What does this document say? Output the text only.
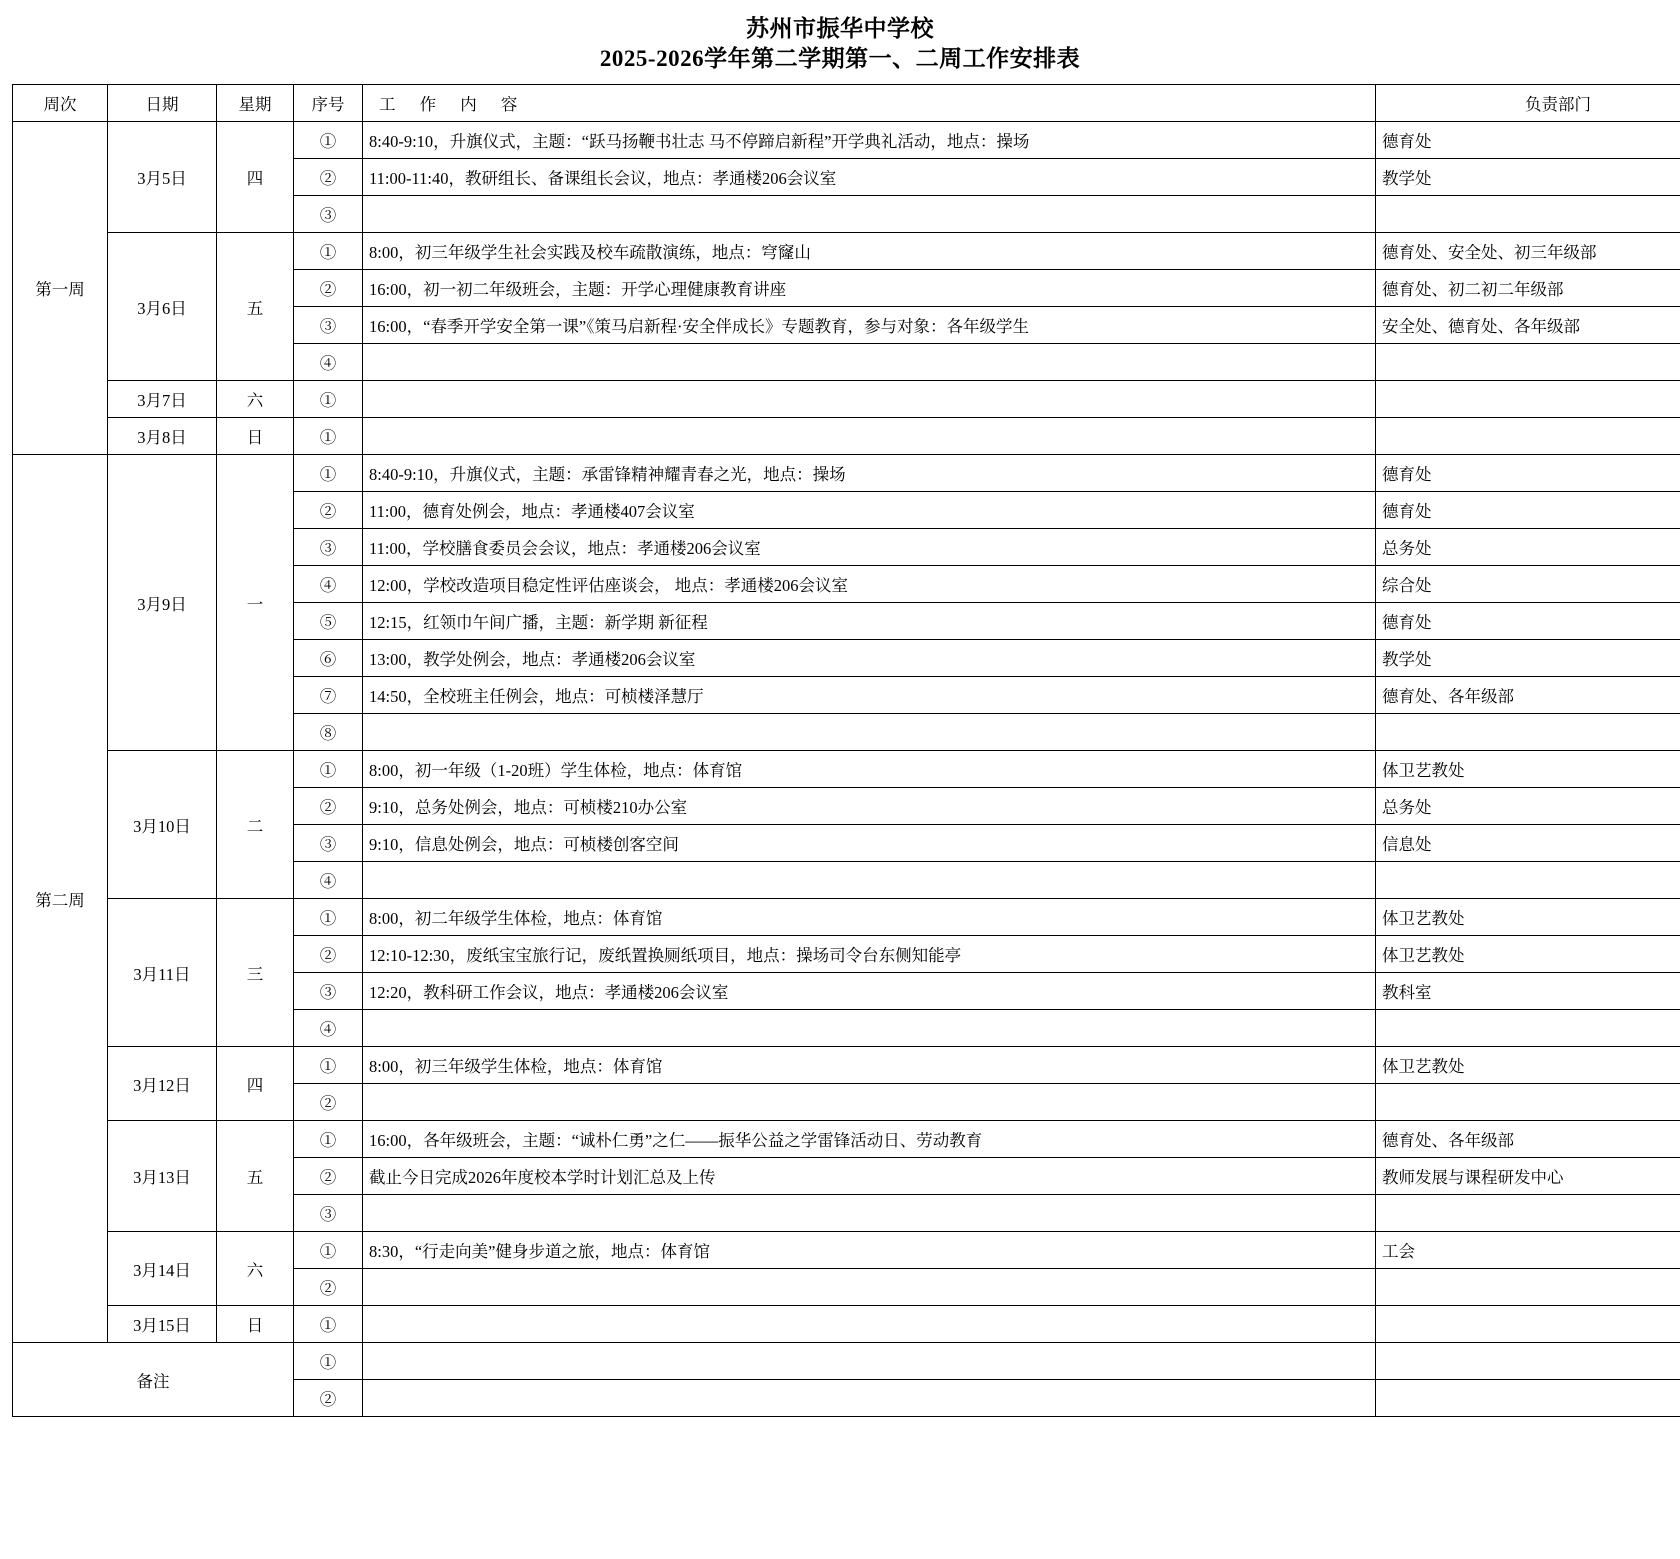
苏州市振华中学校
2025-2026学年第二学期第一、二周工作安排表
周次	日期	星期	序号	工 作 内 容	负责部门
第一周	3月5日	四	①	8:40-9:10，升旗仪式，主题：“跃马扬鞭书壮志 马不停蹄启新程”开学典礼活动，地点：操场	德育处
			②	11:00-11:40，教研组长、备课组长会议，地点：孝通楼206会议室	教学处
			③		
	3月6日	五	①	8:00，初三年级学生社会实践及校车疏散演练，地点：穹窿山	德育处、安全处、初三年级部
			②	16:00，初一初二年级班会，主题：开学心理健康教育讲座	德育处、初二初二年级部
			③	16:00，“春季开学安全第一课”《策马启新程·安全伴成长》专题教育，参与对象：各年级学生	安全处、德育处、各年级部
			④		
	3月7日	六	①		
	3月8日	日	①		
第二周	3月9日	一	①	8:40-9:10，升旗仪式，主题：承雷锋精神耀青春之光，地点：操场	德育处
			②	11:00，德育处例会，地点：孝通楼407会议室	德育处
			③	11:00，学校膳食委员会会议，地点：孝通楼206会议室	总务处
			④	12:00，学校改造项目稳定性评估座谈会， 地点：孝通楼206会议室	综合处
			⑤	12:15，红领巾午间广播，主题：新学期 新征程	德育处
			⑥	13:00，教学处例会，地点：孝通楼206会议室	教学处
			⑦	14:50，全校班主任例会，地点：可桢楼泽慧厅	德育处、各年级部
			⑧		
	3月10日	二	①	8:00，初一年级（1-20班）学生体检，地点：体育馆	体卫艺教处
			②	9:10，总务处例会，地点：可桢楼210办公室	总务处
			③	9:10，信息处例会，地点：可桢楼创客空间	信息处
			④		
	3月11日	三	①	8:00，初二年级学生体检，地点：体育馆	体卫艺教处
			②	12:10-12:30，废纸宝宝旅行记，废纸置换厕纸项目，地点：操场司令台东侧知能亭	体卫艺教处
			③	12:20，教科研工作会议，地点：孝通楼206会议室	教科室
			④		
	3月12日	四	①	8:00，初三年级学生体检，地点：体育馆	体卫艺教处
			②		
	3月13日	五	①	16:00，各年级班会，主题：“诚朴仁勇”之仁——振华公益之学雷锋活动日、劳动教育	德育处、各年级部
			②	截止今日完成2026年度校本学时计划汇总及上传	教师发展与课程研发中心
			③		
	3月14日	六	①	8:30，“行走向美”健身步道之旅，地点：体育馆	工会
			②		
	3月15日	日	①		
备注			①		
			②		
